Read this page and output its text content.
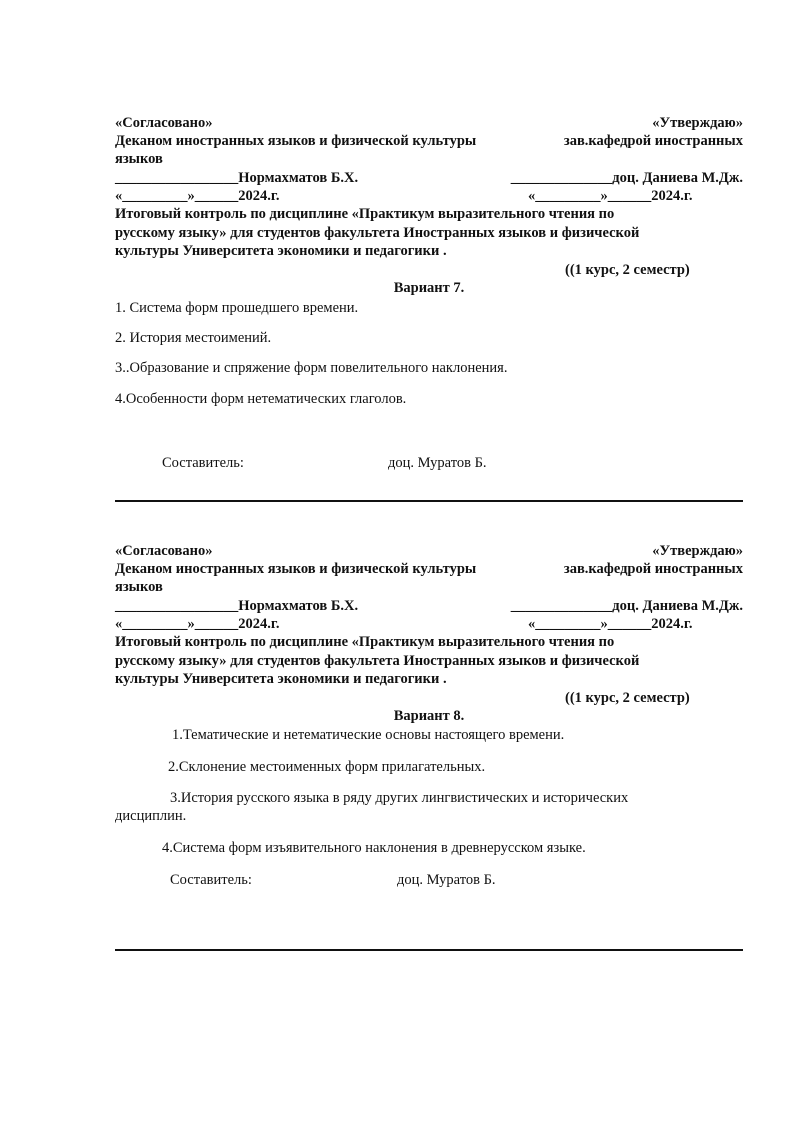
«Согласовано»	«Утверждаю»
Деканом иностранных языков и физической культуры	зав.кафедрой иностранных
языков
_________________Нормахматов Б.Х.	______________доц. Даниева М.Дж.
«_________»______2024.г.	«_________»______2024.г.
Итоговый контроль по дисциплине «Практикум выразительного чтения по
русскому языку» для студентов факультета Иностранных языков и физической
культуры Университета экономики и педагогики .
((1 курс, 2 семестр)
Вариант 7.
1. Система форм прошедшего времени.
2. История местоимений.
3..Образование и спряжение форм повелительного наклонения.
4.Особенности форм нетематических глаголов.
Составитель:	доц. Муратов Б.
«Согласовано»	«Утверждаю»
Деканом иностранных языков и физической культуры	зав.кафедрой иностранных
языков
_________________Нормахматов Б.Х.	______________доц. Даниева М.Дж.
«_________»______2024.г.	«_________»______2024.г.
Итоговый контроль по дисциплине «Практикум выразительного чтения по
русскому языку» для студентов факультета Иностранных языков и физической
культуры Университета экономики и педагогики .
((1 курс, 2 семестр)
Вариант 8.
1.Тематические и нетематические основы настоящего времени.
2.Склонение местоименных форм прилагательных.
3.История русского языка в ряду других лингвистических и исторических
дисциплин.
4.Система форм изъявительного наклонения в древнерусском языке.
Составитель:	доц. Муратов Б.
